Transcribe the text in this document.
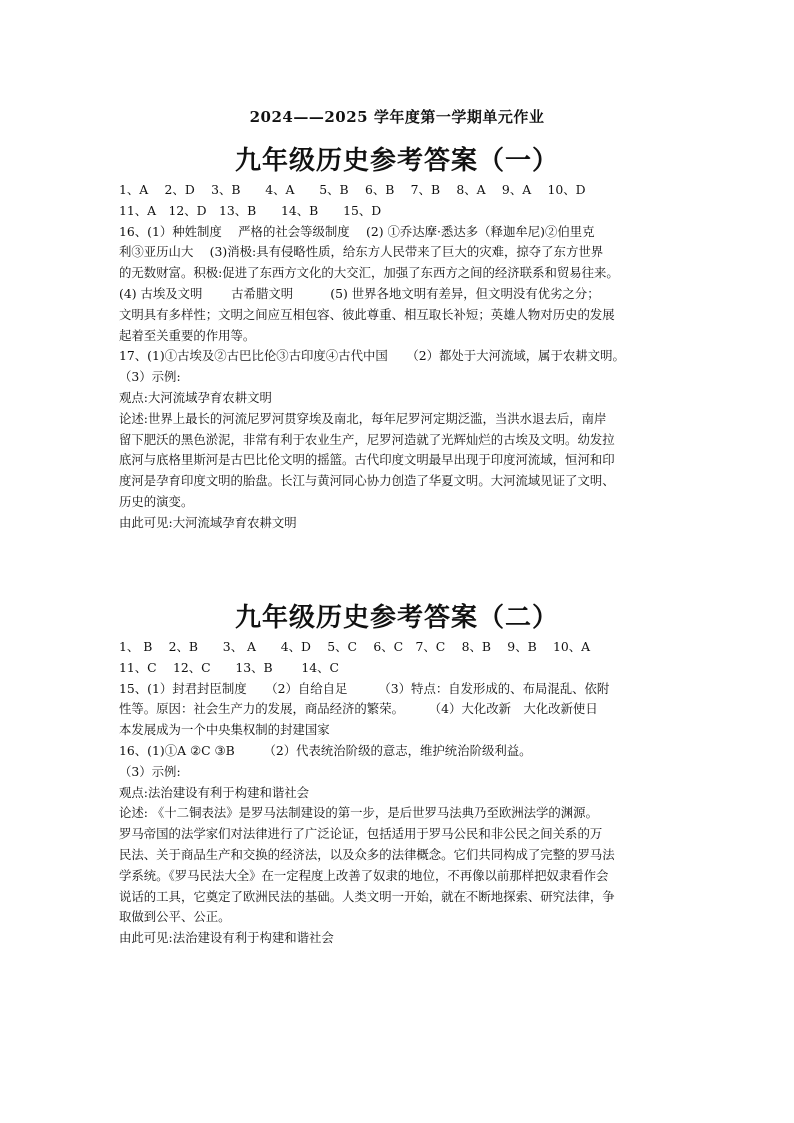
2024——2025 学年度第一学期单元作业
九年级历史参考答案（一）
1、A　 2、D　 3、B　　4、A　　5、B　 6、B　 7、B　 8、A　 9、A　 10、D
11、A　12、D　13、B　　14、B　　15、D
16、(1）种姓制度　 严格的社会等级制度　 (2) ①乔达摩·悉达多（释迦牟尼)②伯里克
利③亚历山大　 (3)消极:具有侵略性质，给东方人民带来了巨大的灾难，掠夺了东方世界
的无数财富。积极:促进了东西方文化的大交汇，加强了东西方之间的经济联系和贸易往来。
(4) 古埃及文明　　 古希腊文明　　　(5) 世界各地文明有差异，但文明没有优劣之分；
文明具有多样性；文明之间应互相包容、彼此尊重、相互取长补短；英雄人物对历史的发展
起着至关重要的作用等。
17、(1)①古埃及②古巴比伦③古印度④古代中国　　（2）都处于大河流域，属于农耕文明。
（3）示例:
观点:大河流域孕育农耕文明
论述:世界上最长的河流尼罗河贯穿埃及南北，每年尼罗河定期泛滥，当洪水退去后，南岸
留下肥沃的黑色淤泥，非常有利于农业生产，尼罗河造就了光辉灿烂的古埃及文明。幼发拉
底河与底格里斯河是古巴比伦文明的摇篮。古代印度文明最早出现于印度河流域，恒河和印
度河是孕育印度文明的胎盘。长江与黄河同心协力创造了华夏文明。大河流域见证了文明、
历史的演变。
由此可见:大河流域孕育农耕文明
九年级历史参考答案（二）
1、 B　 2、B　　3、 A　　4、D　 5、C　 6、C　7、C　 8、B　 9、B　 10、A
11、C　 12、C　　13、B　　 14、C
15、(1）封君封臣制度　　（2）自给自足　　　（3）特点：自发形成的、布局混乱、依附
性等。原因：社会生产力的发展，商品经济的繁荣。　　　（4）大化改新　大化改新使日
本发展成为一个中央集权制的封建国家
16、(1)①A ②C ③B　　 （2）代表统治阶级的意志，维护统治阶级利益。
（3）示例:
观点:法治建设有利于构建和谐社会
论述: 《十二铜表法》是罗马法制建设的第一步，是后世罗马法典乃至欧洲法学的渊源。
罗马帝国的法学家们对法律进行了广泛论证，包括适用于罗马公民和非公民之间关系的万
民法、关于商品生产和交换的经济法，以及众多的法律概念。它们共同构成了完整的罗马法
学系统。《罗马民法大全》在一定程度上改善了奴隶的地位，不再像以前那样把奴隶看作会
说话的工具，它奠定了欧洲民法的基础。人类文明一开始，就在不断地探索、研究法律，争
取做到公平、公正。
由此可见:法治建设有利于构建和谐社会
